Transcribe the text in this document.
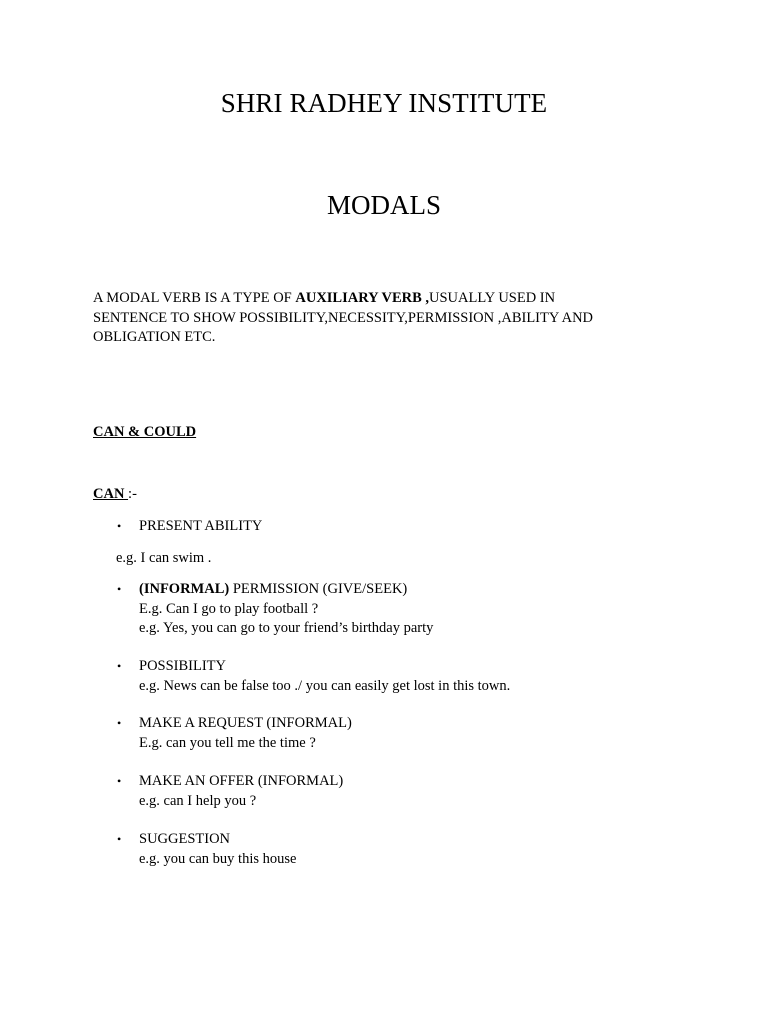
SHRI RADHEY INSTITUTE
MODALS
A MODAL VERB IS A TYPE OF AUXILIARY VERB ,USUALLY USED IN
SENTENCE TO SHOW POSSIBILITY,NECESSITY,PERMISSION ,ABILITY AND
OBLIGATION ETC.
CAN & COULD
CAN :-
• PRESENT ABILITY
e.g. I can swim .
• (INFORMAL) PERMISSION (GIVE/SEEK)
E.g. Can I go to play football ?
e.g. Yes, you can go to your friend’s birthday party
• POSSIBILITY
e.g. News can be false too ./ you can easily get lost in this town.
• MAKE A REQUEST (INFORMAL)
E.g. can you tell me the time ?
• MAKE AN OFFER (INFORMAL)
e.g. can I help you ?
• SUGGESTION
e.g. you can buy this house
